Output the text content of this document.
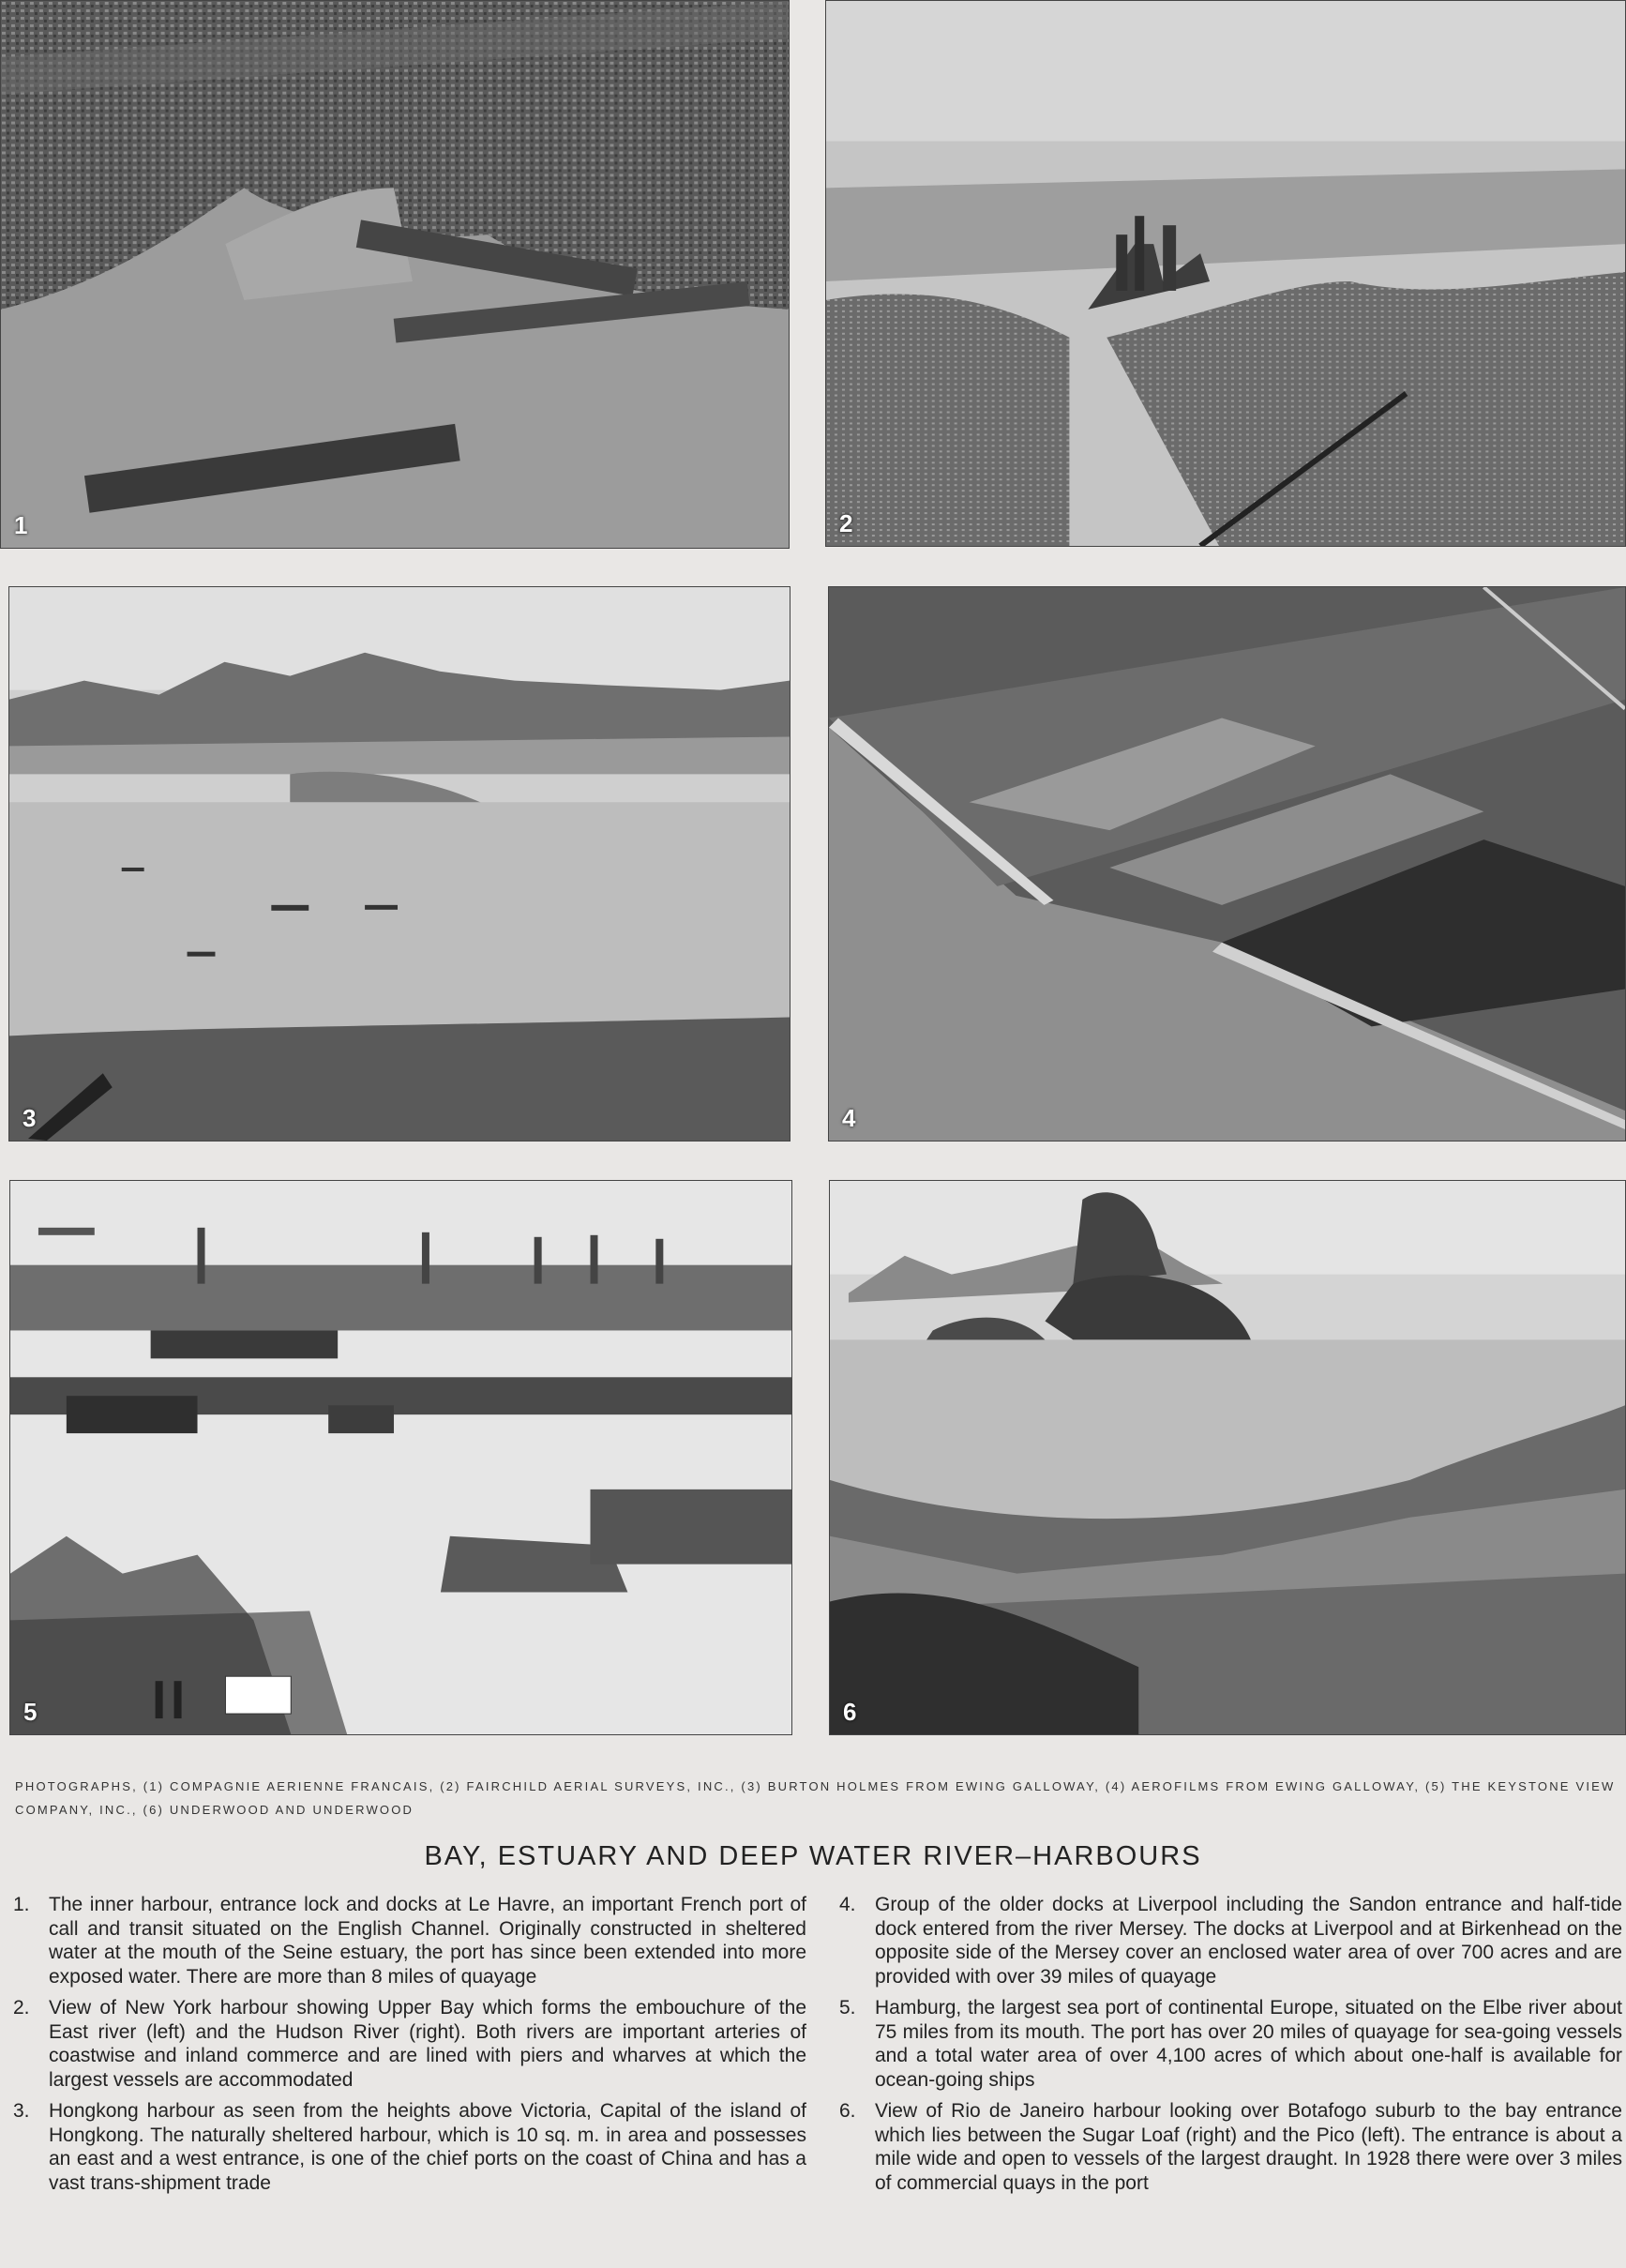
1	2
3	4
5	6
PHOTOGRAPHS, (1) COMPAGNIE AERIENNE FRANCAIS, (2) FAIRCHILD AERIAL SURVEYS, INC., (3) BURTON HOLMES FROM EWING GALLOWAY, (4) AEROFILMS FROM EWING GALLOWAY, (5) THE KEYSTONE VIEW COMPANY, INC., (6) UNDERWOOD AND UNDERWOOD
BAY, ESTUARY AND DEEP WATER RIVER–HARBOURS
1. The inner harbour, entrance lock and docks at Le Havre, an important French port of call and transit situated on the English Channel. Originally constructed in sheltered water at the mouth of the Seine estuary, the port has since been extended into more exposed water. There are more than 8 miles of quayage
2. View of New York harbour showing Upper Bay which forms the embouchure of the East river (left) and the Hudson River (right). Both rivers are important arteries of coastwise and inland commerce and are lined with piers and wharves at which the largest vessels are accommodated
3. Hongkong harbour as seen from the heights above Victoria, Capital of the island of Hongkong. The naturally sheltered harbour, which is 10 sq. m. in area and possesses an east and a west entrance, is one of the chief ports on the coast of China and has a vast trans-shipment trade
4. Group of the older docks at Liverpool including the Sandon entrance and half-tide dock entered from the river Mersey. The docks at Liverpool and at Birkenhead on the opposite side of the Mersey cover an enclosed water area of over 700 acres and are provided with over 39 miles of quayage
5. Hamburg, the largest sea port of continental Europe, situated on the Elbe river about 75 miles from its mouth. The port has over 20 miles of quayage for sea-going vessels and a total water area of over 4,100 acres of which about one-half is available for ocean-going ships
6. View of Rio de Janeiro harbour looking over Botafogo suburb to the bay entrance which lies between the Sugar Loaf (right) and the Pico (left). The entrance is about a mile wide and open to vessels of the largest draught. In 1928 there were over 3 miles of commercial quays in the port
